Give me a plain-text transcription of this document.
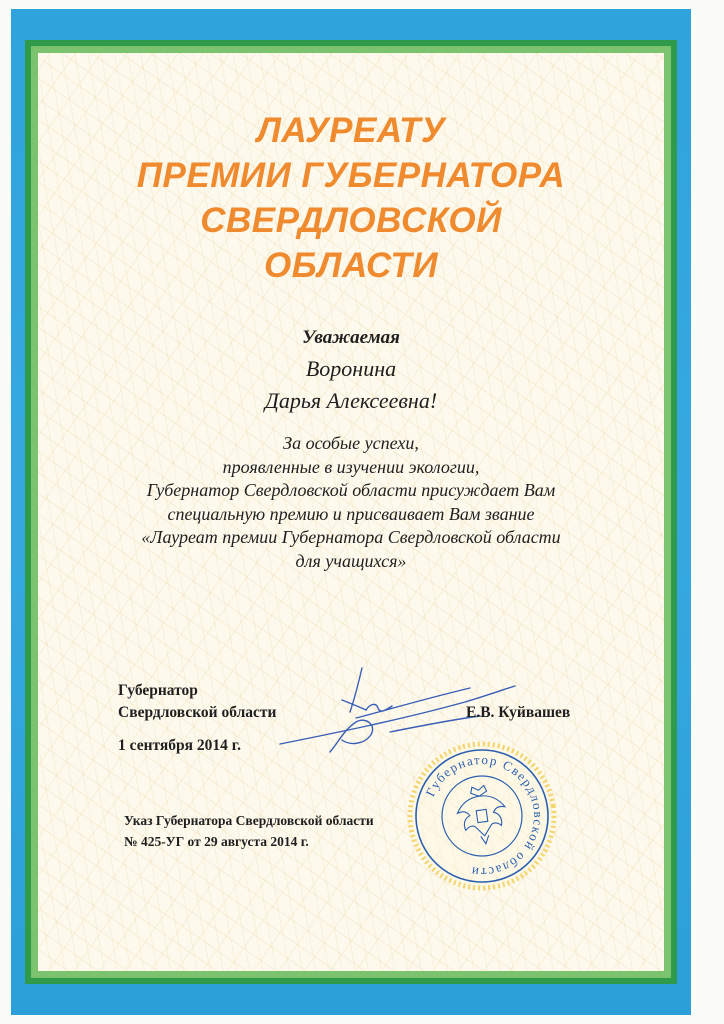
ЛАУРЕАТУ
ПРЕМИИ ГУБЕРНАТОРА
СВЕРДЛОВСКОЙ
ОБЛАСТИ
Уважаемая
Воронина
Дарья Алексеевна!
За особые успехи,
проявленные в изучении экологии,
Губернатор Свердловской области присуждает Вам
специальную премию и присваивает Вам звание
«Лауреат премии Губернатора Свердловской области
для учащихся»
Губернатор
Свердловской области	Е.В. Куйвашев
1 сентября 2014 г.
Указ Губернатора Свердловской области
№ 425-УГ от 29 августа 2014 г.
Губернатор Свердловской области
